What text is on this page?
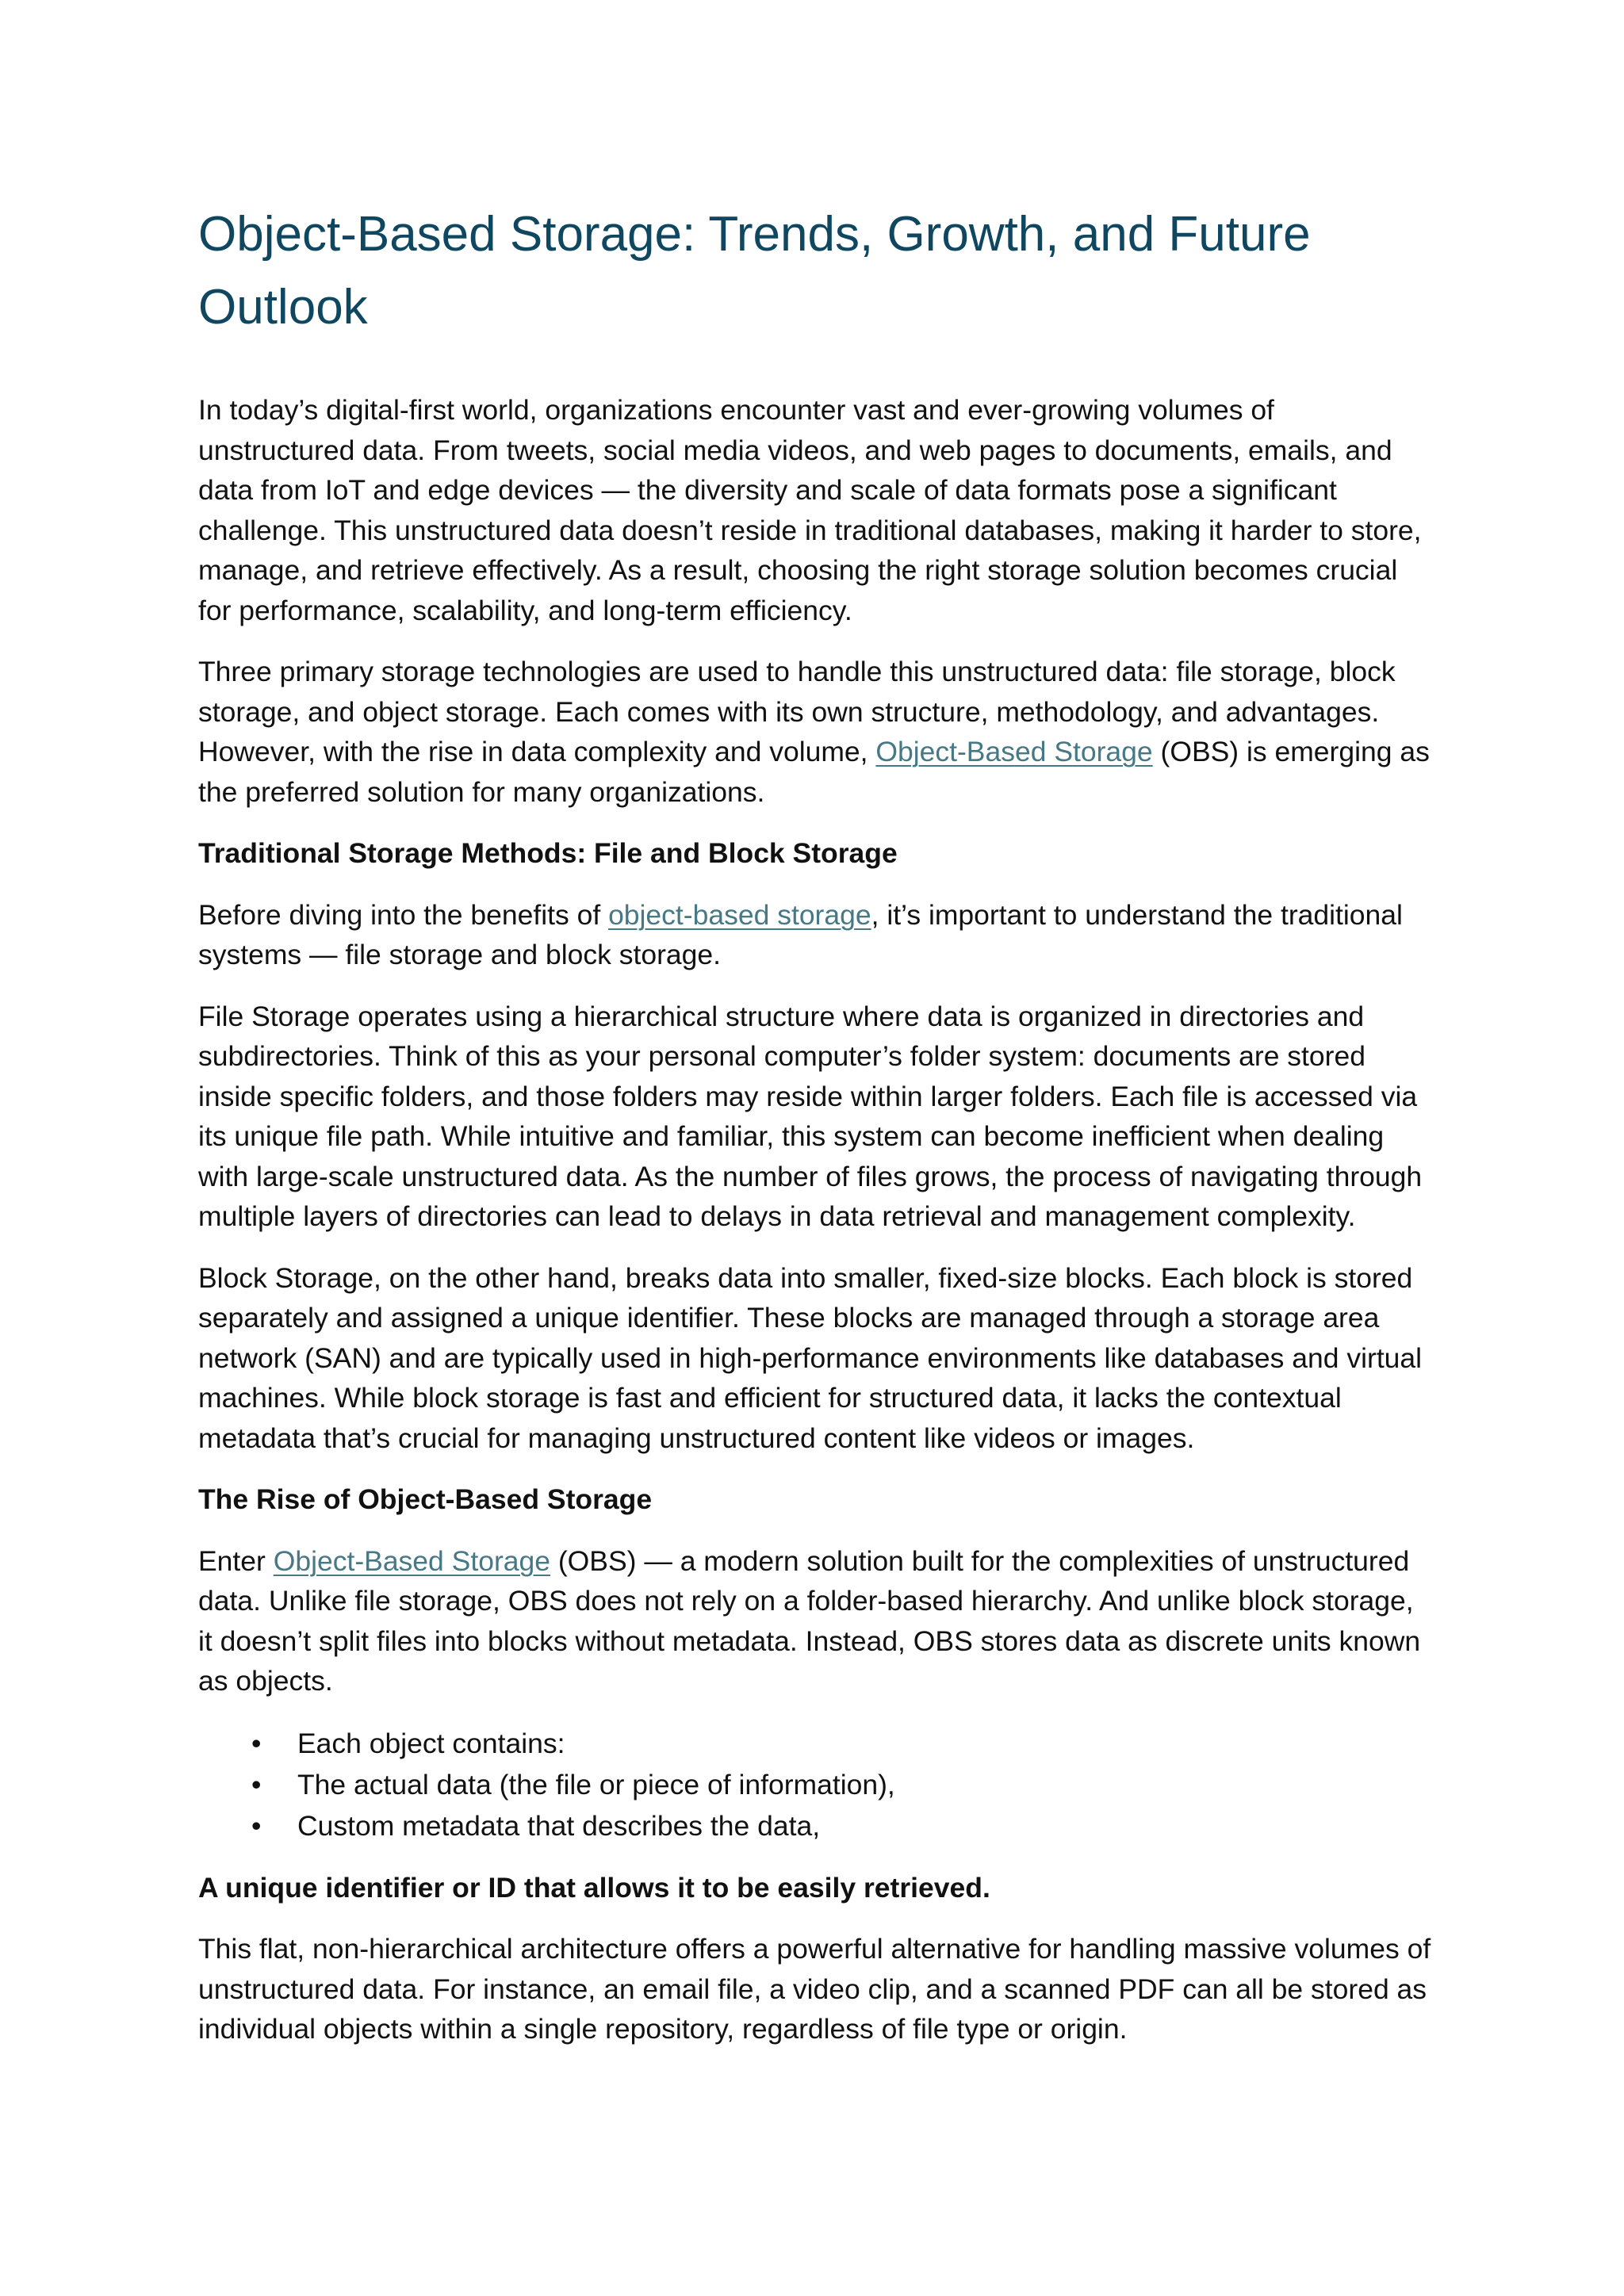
Object-Based Storage: Trends, Growth, and Future Outlook

In today’s digital-first world, organizations encounter vast and ever-growing volumes of unstructured data. From tweets, social media videos, and web pages to documents, emails, and data from IoT and edge devices — the diversity and scale of data formats pose a significant challenge. This unstructured data doesn’t reside in traditional databases, making it harder to store, manage, and retrieve effectively. As a result, choosing the right storage solution becomes crucial for performance, scalability, and long-term efficiency.

Three primary storage technologies are used to handle this unstructured data: file storage, block storage, and object storage. Each comes with its own structure, methodology, and advantages. However, with the rise in data complexity and volume, Object-Based Storage (OBS) is emerging as the preferred solution for many organizations.

Traditional Storage Methods: File and Block Storage

Before diving into the benefits of object-based storage, it’s important to understand the traditional systems — file storage and block storage.

File Storage operates using a hierarchical structure where data is organized in directories and subdirectories. Think of this as your personal computer’s folder system: documents are stored inside specific folders, and those folders may reside within larger folders. Each file is accessed via its unique file path. While intuitive and familiar, this system can become inefficient when dealing with large-scale unstructured data. As the number of files grows, the process of navigating through multiple layers of directories can lead to delays in data retrieval and management complexity.

Block Storage, on the other hand, breaks data into smaller, fixed-size blocks. Each block is stored separately and assigned a unique identifier. These blocks are managed through a storage area network (SAN) and are typically used in high-performance environments like databases and virtual machines. While block storage is fast and efficient for structured data, it lacks the contextual metadata that’s crucial for managing unstructured content like videos or images.

The Rise of Object-Based Storage

Enter Object-Based Storage (OBS) — a modern solution built for the complexities of unstructured data. Unlike file storage, OBS does not rely on a folder-based hierarchy. And unlike block storage, it doesn’t split files into blocks without metadata. Instead, OBS stores data as discrete units known as objects.

• Each object contains:
• The actual data (the file or piece of information),
• Custom metadata that describes the data,

A unique identifier or ID that allows it to be easily retrieved.

This flat, non-hierarchical architecture offers a powerful alternative for handling massive volumes of unstructured data. For instance, an email file, a video clip, and a scanned PDF can all be stored as individual objects within a single repository, regardless of file type or origin.
